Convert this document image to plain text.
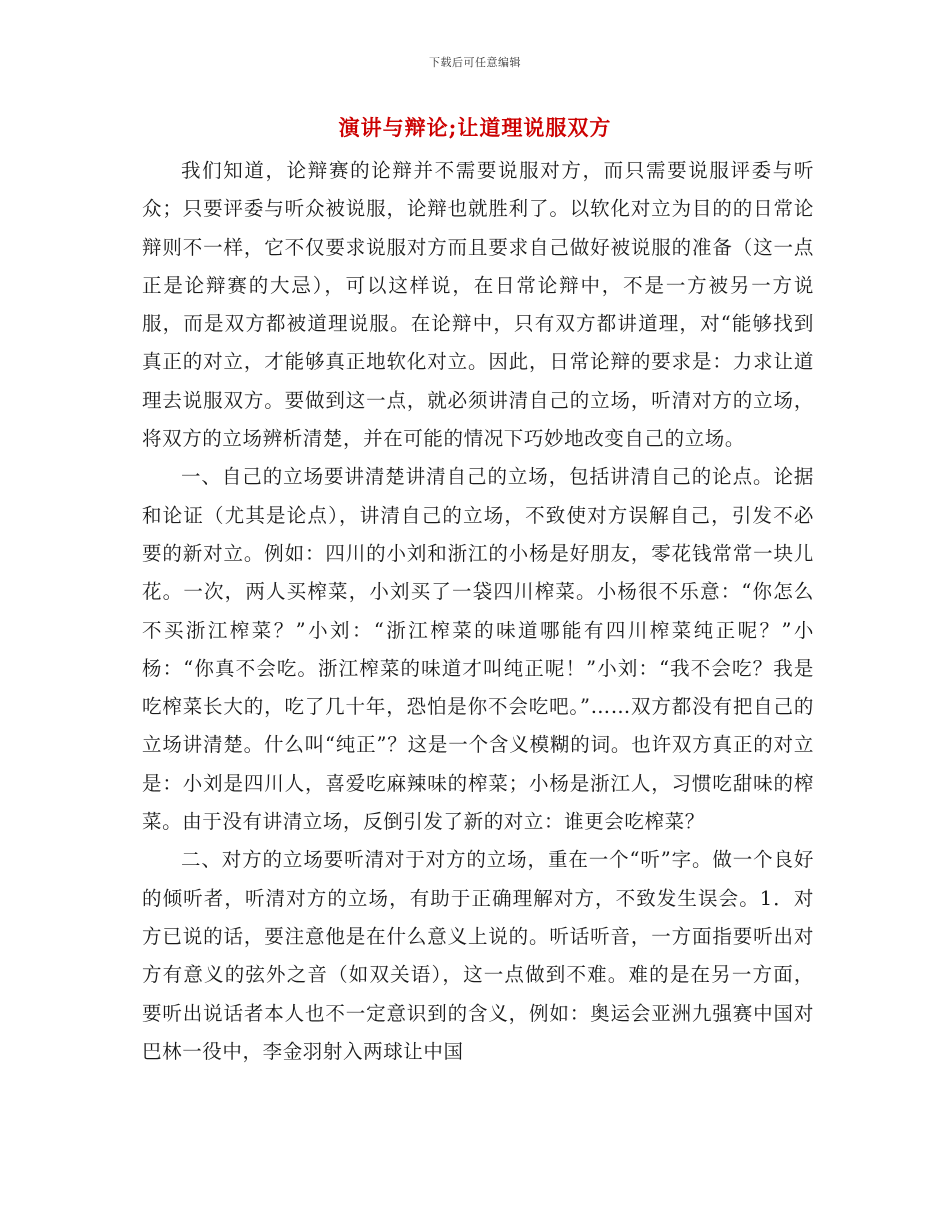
下载后可任意编辑
演讲与辩论;让道理说服双方

我们知道，论辩赛的论辩并不需要说服对方，而只需要说服评委与听众；只要评委与听众被说服，论辩也就胜利了。以软化对立为目的的日常论辩则不一样，它不仅要求说服对方而且要求自己做好被说服的准备（这一点正是论辩赛的大忌），可以这样说，在日常论辩中，不是一方被另一方说服，而是双方都被道理说服。在论辩中，只有双方都讲道理，对“能够找到真正的对立，才能够真正地软化对立。因此，日常论辩的要求是：力求让道理去说服双方。要做到这一点，就必须讲清自己的立场，听清对方的立场，将双方的立场辨析清楚，并在可能的情况下巧妙地改变自己的立场。

一、自己的立场要讲清楚讲清自己的立场，包括讲清自己的论点。论据和论证（尤其是论点），讲清自己的立场，不致使对方误解自己，引发不必要的新对立。例如：四川的小刘和浙江的小杨是好朋友，零花钱常常一块儿花。一次，两人买榨菜，小刘买了一袋四川榨菜。小杨很不乐意：“你怎么不买浙江榨菜？”小刘：“浙江榨菜的味道哪能有四川榨菜纯正呢？”小杨：“你真不会吃。浙江榨菜的味道才叫纯正呢！”小刘：“我不会吃？我是吃榨菜长大的，吃了几十年，恐怕是你不会吃吧。”……双方都没有把自己的立场讲清楚。什么叫“纯正”？这是一个含义模糊的词。也许双方真正的对立是：小刘是四川人，喜爱吃麻辣味的榨菜；小杨是浙江人，习惯吃甜味的榨菜。由于没有讲清立场，反倒引发了新的对立：谁更会吃榨菜？

二、对方的立场要听清对于对方的立场，重在一个“听”字。做一个良好的倾听者，听清对方的立场，有助于正确理解对方，不致发生误会。1．对方已说的话，要注意他是在什么意义上说的。听话听音，一方面指要听出对方有意义的弦外之音（如双关语），这一点做到不难。难的是在另一方面，要听出说话者本人也不一定意识到的含义，例如：奥运会亚洲九强赛中国对巴林一役中，李金羽射入两球让中国
